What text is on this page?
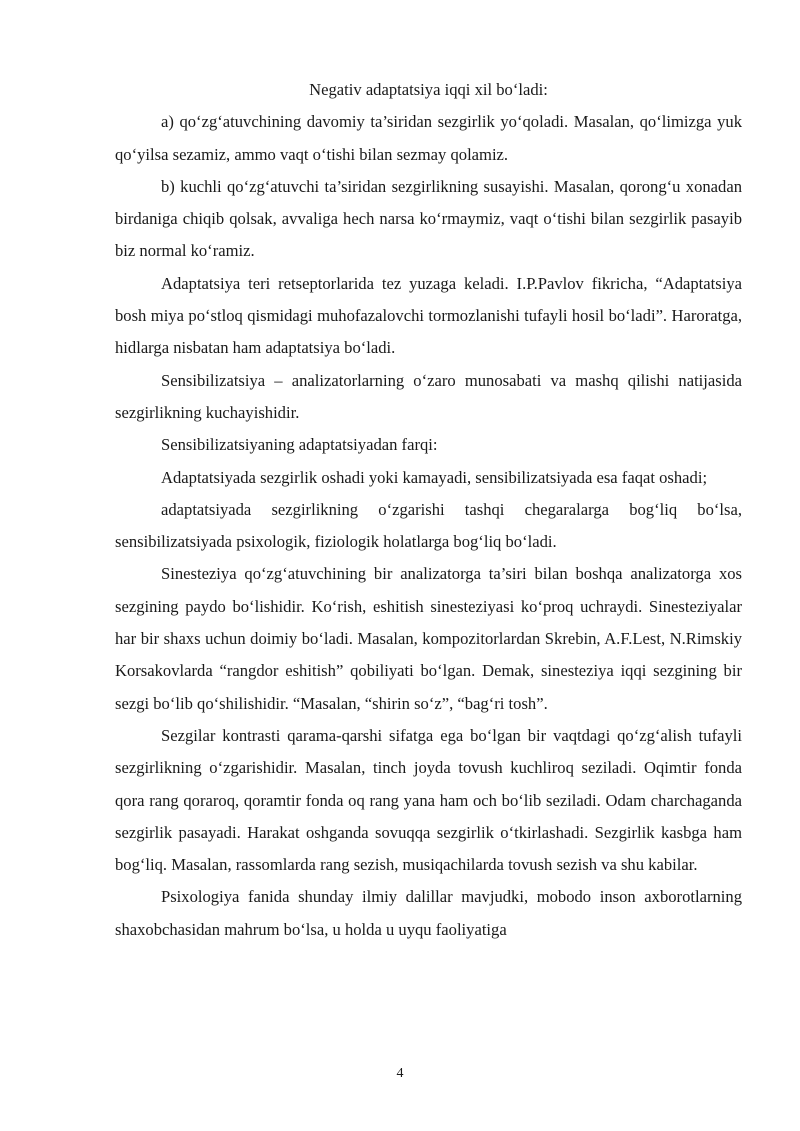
Negativ adaptatsiya iqqi xil bo‘ladi:

a) qo‘zg‘atuvchining davomiy ta’siridan sezgirlik yo‘qoladi. Masalan, qo‘limizga yuk qo‘yilsa sezamiz, ammo vaqt o‘tishi bilan sezmay qolamiz.

b) kuchli qo‘zg‘atuvchi ta’siridan sezgirlikning susayishi. Masalan, qorong‘u xonadan birdaniga chiqib qolsak, avvaliga hech narsa ko‘rmaymiz, vaqt o‘tishi bilan sezgirlik pasayib biz normal ko‘ramiz.

Adaptatsiya teri retseptorlarida tez yuzaga keladi. I.P.Pavlov fikricha, “Adaptatsiya bosh miya po‘stloq qismidagi muhofazalovchi tormozlanishi tufayli hosil bo‘ladi”. Haroratga, hidlarga nisbatan ham adaptatsiya bo‘ladi.

Sensibilizatsiya – analizatorlarning o‘zaro munosabati va mashq qilishi natijasida sezgirlikning kuchayishidir.

Sensibilizatsiyaning adaptatsiyadan farqi:

Adaptatsiyada sezgirlik oshadi yoki kamayadi, sensibilizatsiyada esa faqat oshadi;

adaptatsiyada sezgirlikning o‘zgarishi tashqi chegaralarga bog‘liq bo‘lsa, sensibilizatsiyada psixologik, fiziologik holatlarga bog‘liq bo‘ladi.

Sinesteziya qo‘zg‘atuvchining bir analizatorga ta’siri bilan boshqa analizatorga xos sezgining paydo bo‘lishidir. Ko‘rish, eshitish sinesteziyasi ko‘proq uchraydi. Sinesteziyalar har bir shaxs uchun doimiy bo‘ladi. Masalan, kompozitorlardan Skrebin, A.F.Lest, N.Rimskiy Korsakovlarda “rangdor eshitish” qobiliyati bo‘lgan. Demak, sinesteziya iqqi sezgining bir sezgi bo‘lib qo‘shilishidir. “Masalan, “shirin so‘z”, “bag‘ri tosh”.

Sezgilar kontrasti qarama-qarshi sifatga ega bo‘lgan bir vaqtdagi qo‘zg‘alish tufayli sezgirlikning o‘zgarishidir. Masalan, tinch joyda tovush kuchliroq seziladi. Oqimtir fonda qora rang qoraroq, qoramtir fonda oq rang yana ham och bo‘lib seziladi. Odam charchaganda sezgirlik pasayadi. Harakat oshganda sovuqqa sezgirlik o‘tkirlashadi. Sezgirlik kasbga ham bog‘liq. Masalan, rassomlarda rang sezish, musiqachilarda tovush sezish va shu kabilar.

Psixologiya fanida shunday ilmiy dalillar mavjudki, mobodo inson axborotlarning shaxobchasidan mahrum bo‘lsa, u holda u uyqu faoliyatiga

4
